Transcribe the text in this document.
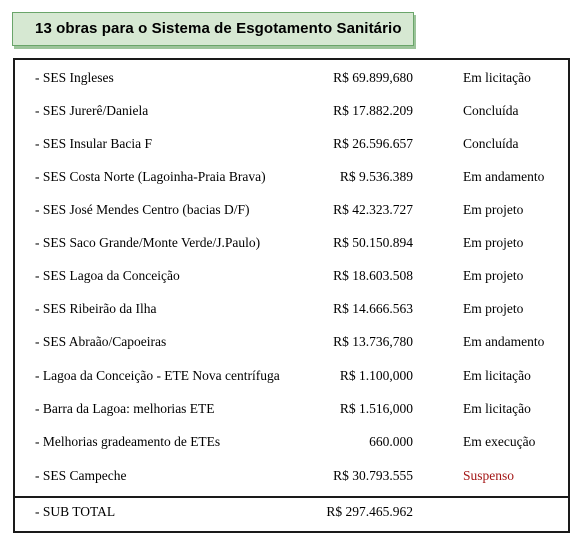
13 obras para o Sistema de Esgotamento Sanitário
- SES Ingleses	R$ 69.899,680	Em licitação
- SES Jurerê/Daniela	R$ 17.882.209	Concluída
- SES Insular Bacia F	R$ 26.596.657	Concluída
- SES Costa Norte (Lagoinha-Praia Brava)	R$ 9.536.389	Em andamento
- SES José Mendes Centro (bacias D/F)	R$ 42.323.727	Em projeto
- SES Saco Grande/Monte Verde/J.Paulo)	R$ 50.150.894	Em projeto
- SES Lagoa da Conceição	R$ 18.603.508	Em projeto
- SES Ribeirão da Ilha	R$ 14.666.563	Em projeto
- SES Abraão/Capoeiras	R$ 13.736,780	Em andamento
- Lagoa da Conceição - ETE Nova centrífuga	R$ 1.100,000	Em licitação
- Barra da Lagoa: melhorias ETE	R$ 1.516,000	Em licitação
- Melhorias gradeamento de ETEs	660.000	Em execução
- SES Campeche	R$ 30.793.555	Suspenso
- SUB TOTAL	R$ 297.465.962
